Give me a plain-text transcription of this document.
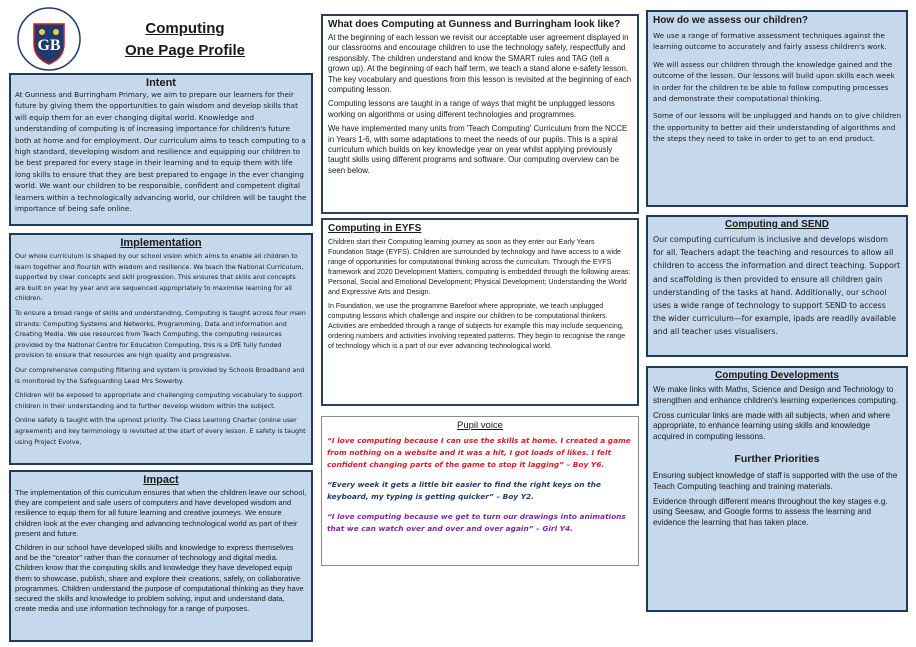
GB
Computing
One Page Profile
Intent

At Gunness and Burringham Primary, we aim to prepare our learners for their future by giving them the opportunities to gain wisdom and develop skills that will equip them for an ever changing digital world. Knowledge and understanding of computing is of increasing importance for children's future both at home and for employment. Our curriculum aims to teach computing to a high standard, developing wisdom and resilience and equipping our children to be best prepared for every stage in their learning and to equip them with life long skills to ensure that they are best prepared to engage in the ever changing world. We want our children to be responsible, confident and competent digital learners within a technologically advancing world, our children will be taught the importance of being safe online.

Implementation

Our whole curriculum is shaped by our school vision which aims to enable all children to learn together and flourish with wisdom and resilience. We teach the National Curriculum, supported by clear concepts and skill progression. This ensures that skills and concepts are built on year by year and are sequenced appropriately to maximise learning for all children.

To ensure a broad range of skills and understanding, Computing is taught across four main strands: Computing Systems and Networks, Programming, Data and information and Creating Media. We use resources from Teach Computing, the computing resources provided by the National Centre for Education Computing, this is a DfE fully funded provision to ensure that resources are high quality and progressive.

Our comprehensive computing filtering and system is provided by Schools Broadband and is monitored by the Safeguarding Lead Mrs Sowerby.

Children will be exposed to appropriate and challenging computing vocabulary to support children in their understanding and to further develop wisdom within the subject.

Online safety is taught with the upmost priority. The Class Learning Charter (online user agreement) and key terminology is revisited at the start of every lesson. E safety is taught using Project Evolve,

Impact

The implementation of this curriculum ensures that when the children leave our school, they are competent and safe users of computers and have developed wisdom and resilience to equip them for all future learning and creative journeys. We ensure children look at the ever changing and advancing technological world as part of their present and future.

Children in our school have developed skills and knowledge to express themselves and be the "creator" rather than the consumer of technology and digital media. Children know that the computing skills and knowledge they have developed equip them to showcase, publish, share and explore their creations, safely, on collaborative programmes. Children understand the purpose of computational thinking as they have secured the skills and knowledge to problem solving, input and understand data, create media and use information technology for a range of purposes.

What does Computing at Gunness and Burringham look like?

At the beginning of each lesson we revisit our acceptable user agreement displayed in our classrooms and encourage children to use the technology safely, respectfully and responsibly. The children understand and know the SMART rules and TAG (tell a grown up). At the beginning of each half term, we teach a stand alone e-safety lesson. The key vocabulary and questions from this lesson is revisited at the beginning of each computing lesson.

Computing lessons are taught in a range of ways that might be unplugged lessons working on algorithms or using different technologies and programmes.

We have implemented many units from 'Teach Computing' Curriculum from the NCCE in Years 1-6, with some adaptations to meet the needs of our pupils. This is a spiral curriculum which builds on key knowledge year on year whilst applying previously taught skills using different programs and software. Our computing overview can be seen below.

Computing in EYFS

Children start their Computing learning journey as soon as they enter our Early Years Foundation Stage (EYFS). Children are surrounded by technology and have access to a wide range of opportunities for computational thinking across the curriculum. Through the EYFS framework and 2020 Development Matters, computing is embedded through the following areas: Personal, Social and Emotional Development; Physical Development; Understanding the World and Expressive Arts and Design.

In Foundation, we use the programme Barefoot where appropriate, we teach unplugged computing lessons which challenge and inspire our children to be computational thinkers. Activities are embedded through a range of subjects for example this may include sequencing, ordering numbers and activities involving repeated patterns. They begin to recognise the range of technology which is a part of our ever advancing technological world.

Pupil voice

“I love computing because I can use the skills at home. I created a game from nothing on a website and it was a hit, I got loads of likes. I felt confident changing parts of the game to stop it lagging” – Boy Y6.

“Every week it gets a little bit easier to find the right keys on the keyboard, my typing is getting quicker” – Boy Y2.

“I love computing because we get to turn our drawings into animations that we can watch over and over and over again” – Girl Y4.

How do we assess our children?

We use a range of formative assessment techniques against the learning outcome to accurately and fairly assess children's work.

We will assess our children through the knowledge gained and the outcome of the lesson. Our lessons will build upon skills each week in order for the children to be able to follow computing processes and demonstrate their computational thinking.

Some of our lessons will be unplugged and hands on to give children the opportunity to better aid their understanding of algorithms and the steps they need to take in order to get to an end product.

Computing and SEND

Our computing curriculum is inclusive and develops wisdom for all. Teachers adapt the teaching and resources to allow all children to access the information and direct teaching. Support and scaffolding is then provided to ensure all children gain understanding of the tasks at hand. Additionally, our school uses a wide range of technology to support SEND to access the wider curriculum—for example, ipads are readily available and all teacher uses visualisers.

Computing Developments

We make links with Maths, Science and Design and Technology to strengthen and enhance children's learning experiences computing.

Cross curricular links are made with all subjects, when and where appropriate, to enhance learning using skills and knowledge acquired in computing lessons.

Further Priorities

Ensuring subject knowledge of staff is supported with the use of the Teach Computing teaching and training materials.

Evidence through different means throughout the key stages e.g. using Seesaw, and Google forms to assess the learning and evidence the learning that has taken place.
